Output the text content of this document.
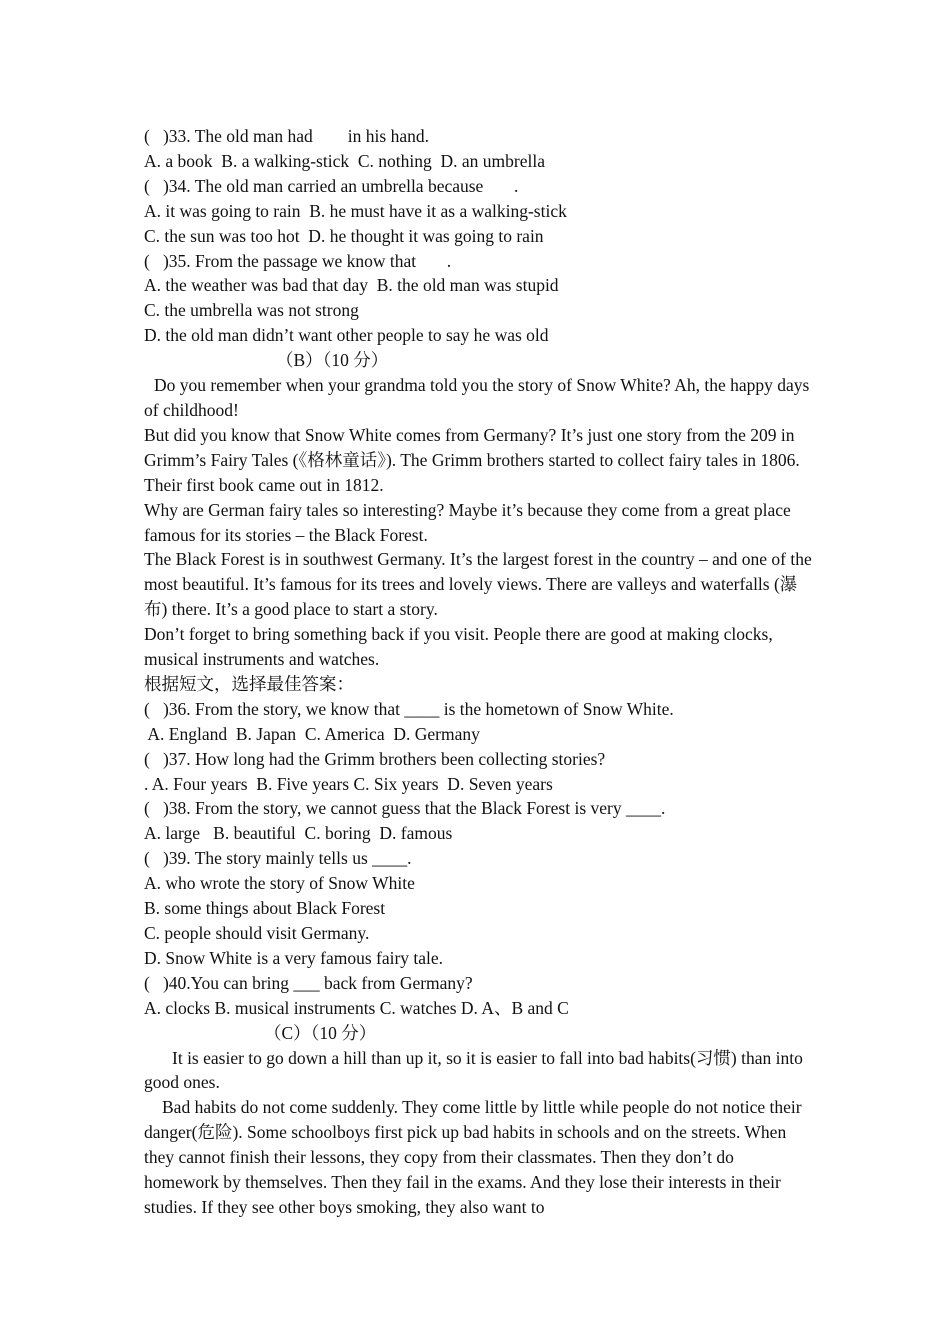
(   )33. The old man had        in his hand.
A. a book  B. a walking-stick  C. nothing  D. an umbrella
(   )34. The old man carried an umbrella because       .
A. it was going to rain  B. he must have it as a walking-stick
C. the sun was too hot  D. he thought it was going to rain
(   )35. From the passage we know that       .
A. the weather was bad that day  B. the old man was stupid
C. the umbrella was not strong
D. the old man didn’t want other people to say he was old
（B）（10 分）
Do you remember when your grandma told you the story of Snow White? Ah, the happy days of childhood!
But did you know that Snow White comes from Germany? It’s just one story from the 209 in Grimm’s Fairy Tales (《格林童话》). The Grimm brothers started to collect fairy tales in 1806. Their first book came out in 1812.
Why are German fairy tales so interesting? Maybe it’s because they come from a great place famous for its stories – the Black Forest.
The Black Forest is in southwest Germany. It’s the largest forest in the country – and one of the most beautiful. It’s famous for its trees and lovely views. There are valleys and waterfalls (瀑布) there. It’s a good place to start a story.
Don’t forget to bring something back if you visit. People there are good at making clocks, musical instruments and watches.
根据短文，选择最佳答案：
(   )36. From the story, we know that ____ is the hometown of Snow White.
A. England  B. Japan  C. America  D. Germany
(   )37. How long had the Grimm brothers been collecting stories?
. A. Four years  B. Five years C. Six years  D. Seven years
(   )38. From the story, we cannot guess that the Black Forest is very ____.
A. large   B. beautiful  C. boring  D. famous
(   )39. The story mainly tells us ____.
A. who wrote the story of Snow White
B. some things about Black Forest
C. people should visit Germany.
D. Snow White is a very famous fairy tale.
(   )40.You can bring ___ back from Germany?
A. clocks B. musical instruments C. watches D. A、B and C
（C）（10 分）
It is easier to go down a hill than up it, so it is easier to fall into bad habits(习惯) than into good ones.
Bad habits do not come suddenly. They come little by little while people do not notice their danger(危险). Some schoolboys first pick up bad habits in schools and on the streets. When they cannot finish their lessons, they copy from their classmates. Then they don’t do homework by themselves. Then they fail in the exams. And they lose their interests in their studies. If they see other boys smoking, they also want to
